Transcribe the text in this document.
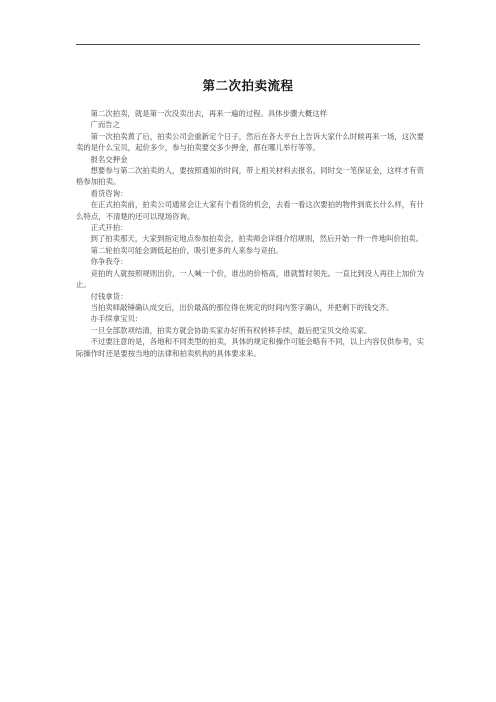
第二次拍卖流程

第二次拍卖，就是第一次没卖出去，再来一遍的过程。具体步骤大概这样

广而告之

第一次拍卖黄了后，拍卖公司会重新定个日子，然后在各大平台上告诉大家什么时候再来一场，这次要卖的是什么宝贝，起价多少，参与拍卖要交多少押金，都在哪儿举行等等。

报名交押金

想要参与第二次拍卖的人，要按照通知的时间，带上相关材料去报名，同时交一笔保证金，这样才有资格参加拍卖。

看货咨询：

在正式拍卖前，拍卖公司通常会让大家有个看货的机会，去看一看这次要拍的物件到底长什么样，有什么特点，不清楚的还可以现场咨询。

正式开拍：

到了拍卖那天，大家到指定地点参加拍卖会，拍卖师会详细介绍规则，然后开始一件一件地叫价拍卖。

第二轮拍卖可能会调低起拍价，吸引更多的人来参与竞拍。

你争我夺：

竞拍的人就按照规则出价，一人喊一个价，谁出的价格高，谁就暂时领先。一直比到没人再往上加价为止。

付钱拿货：

当拍卖师敲锤确认成交后，出价最高的那位得在规定的时间内签字确认，并把剩下的钱交齐。

办手续拿宝贝：

一旦全部款项结清，拍卖方就会协助买家办好所有权转移手续，最后把宝贝交给买家。

不过要注意的是，各地和不同类型的拍卖，具体的规定和操作可能会略有不同，以上内容仅供参考，实际操作时还是要按当地的法律和拍卖机构的具体要求来。
